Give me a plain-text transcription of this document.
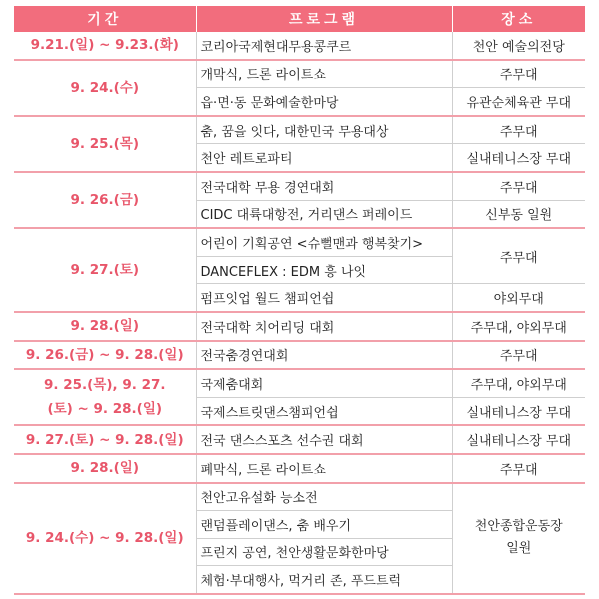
기간	프로그램	장소
9.21.(일) ~ 9.23.(화)	코리아국제현대무용콩쿠르	천안 예술의전당
9. 24.(수)	개막식, 드론 라이트쇼	주무대
	읍·면·동 문화예술한마당	유관순체육관 무대
9. 25.(목)	춤, 꿈을 잇다, 대한민국 무용대상	주무대
	천안 레트로파티	실내테니스장 무대
9. 26.(금)	전국대학 무용 경연대회	주무대
	CIDC 대륙대항전, 거리댄스 퍼레이드	신부동 일원
9. 27.(토)	어린이 기획공연 <슈뻘맨과 행복찾기>	주무대
	DANCEFLEX : EDM 흥 나잇	
	펌프잇업 월드 챔피언쉽	야외무대
9. 28.(일)	전국대학 치어리딩 대회	주무대, 야외무대
9. 26.(금) ~ 9. 28.(일)	전국춤경연대회	주무대
9. 25.(목), 9. 27.(토) ~ 9. 28.(일)	국제춤대회	주무대, 야외무대
	국제스트릿댄스챔피언쉽	실내테니스장 무대
9. 27.(토) ~ 9. 28.(일)	전국 댄스스포츠 선수권 대회	실내테니스장 무대
9. 28.(일)	폐막식, 드론 라이트쇼	주무대
9. 24.(수) ~ 9. 28.(일)	천안고유설화 능소전	천안종합운동장 일원
	랜덤플레이댄스, 춤 배우기	
	프린지 공연, 천안생활문화한마당	
	체험·부대행사, 먹거리 존, 푸드트럭	
